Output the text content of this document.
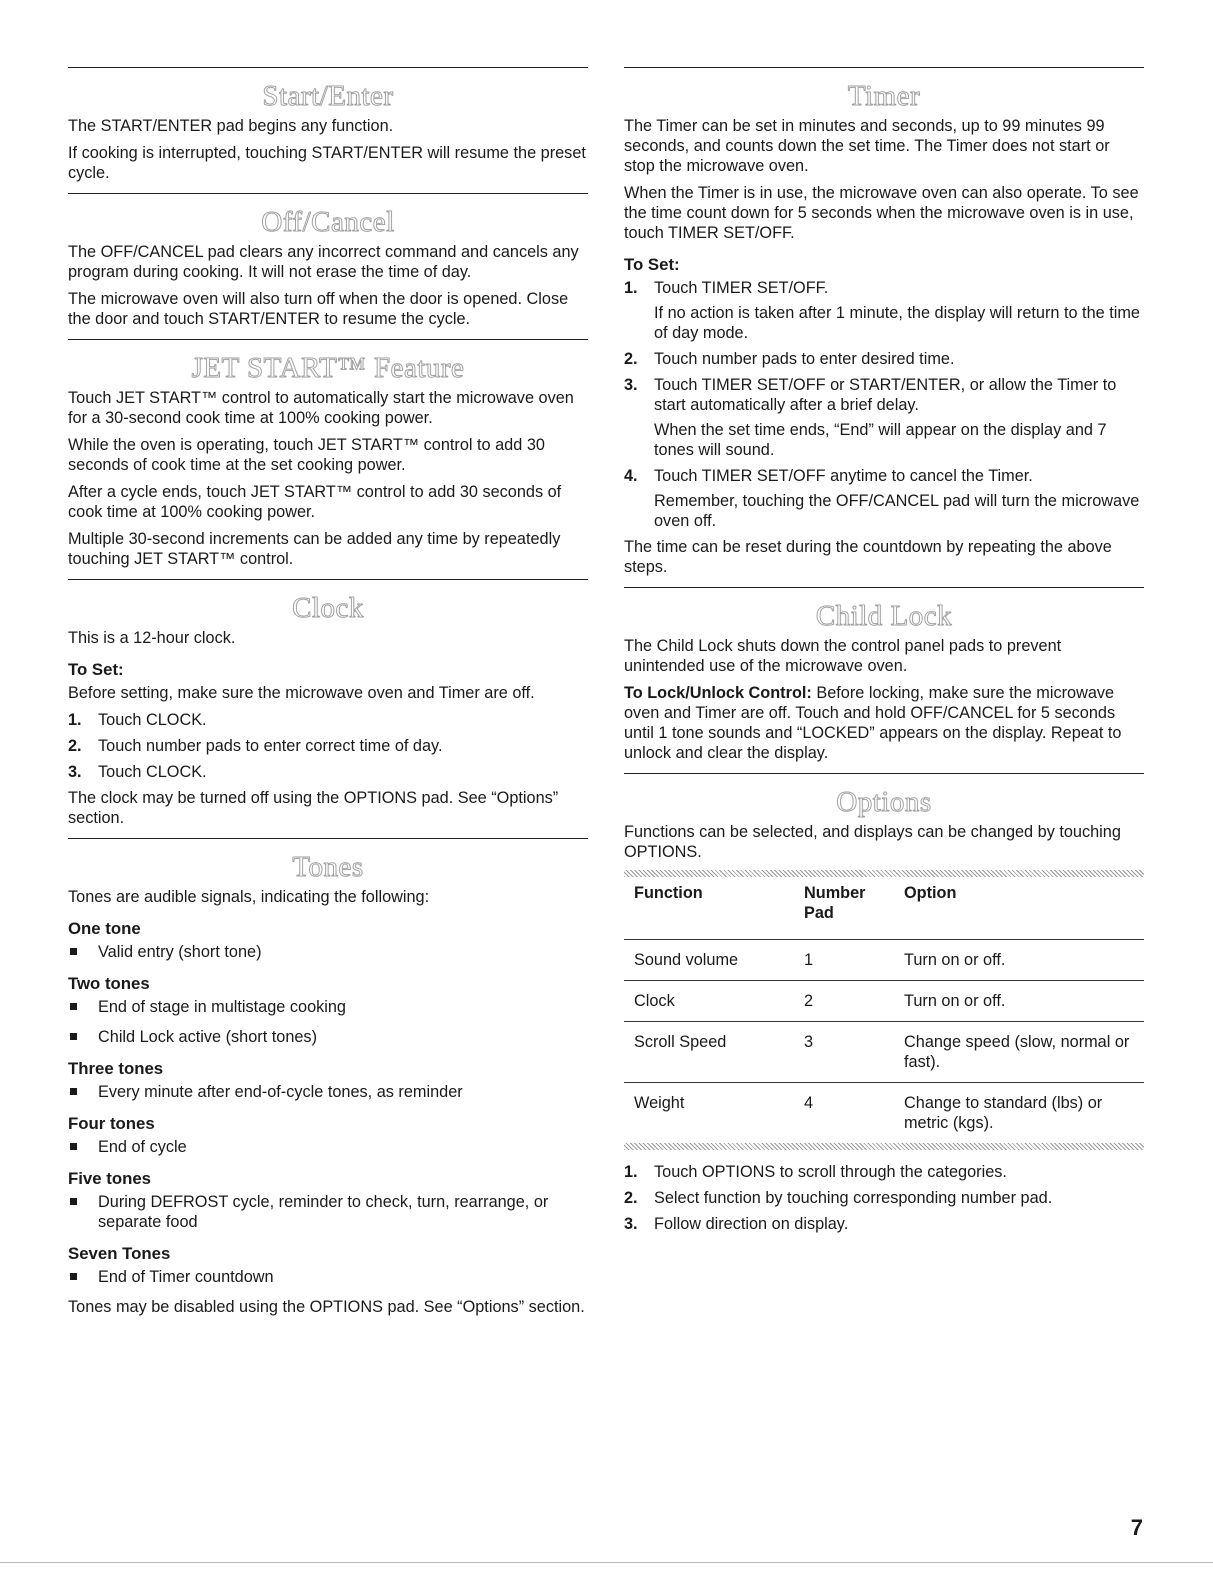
Start/Enter

The START/ENTER pad begins any function.

If cooking is interrupted, touching START/ENTER will resume the preset cycle.

Off/Cancel

The OFF/CANCEL pad clears any incorrect command and cancels any program during cooking. It will not erase the time of day.

The microwave oven will also turn off when the door is opened. Close the door and touch START/ENTER to resume the cycle.

JET START™ Feature

Touch JET START™ control to automatically start the microwave oven for a 30-second cook time at 100% cooking power.

While the oven is operating, touch JET START™ control to add 30 seconds of cook time at the set cooking power.

After a cycle ends, touch JET START™ control to add 30 seconds of cook time at 100% cooking power.

Multiple 30-second increments can be added any time by repeatedly touching JET START™ control.

Clock

This is a 12-hour clock.

To Set:

Before setting, make sure the microwave oven and Timer are off.

1. Touch CLOCK.
2. Touch number pads to enter correct time of day.
3. Touch CLOCK.

The clock may be turned off using the OPTIONS pad. See “Options” section.

Tones

Tones are audible signals, indicating the following:

One tone
Valid entry (short tone)
Two tones
End of stage in multistage cooking
Child Lock active (short tones)
Three tones
Every minute after end-of-cycle tones, as reminder
Four tones
End of cycle
Five tones
During DEFROST cycle, reminder to check, turn, rearrange, or separate food
Seven Tones
End of Timer countdown

Tones may be disabled using the OPTIONS pad. See “Options” section.

Timer

The Timer can be set in minutes and seconds, up to 99 minutes 99 seconds, and counts down the set time. The Timer does not start or stop the microwave oven.

When the Timer is in use, the microwave oven can also operate. To see the time count down for 5 seconds when the microwave oven is in use, touch TIMER SET/OFF.

To Set:
1. Touch TIMER SET/OFF.
If no action is taken after 1 minute, the display will return to the time of day mode.
2. Touch number pads to enter desired time.
3. Touch TIMER SET/OFF or START/ENTER, or allow the Timer to start automatically after a brief delay.
When the set time ends, “End” will appear on the display and 7 tones will sound.
4. Touch TIMER SET/OFF anytime to cancel the Timer.
Remember, touching the OFF/CANCEL pad will turn the microwave oven off.

The time can be reset during the countdown by repeating the above steps.

Child Lock

The Child Lock shuts down the control panel pads to prevent unintended use of the microwave oven.

To Lock/Unlock Control: Before locking, make sure the microwave oven and Timer are off. Touch and hold OFF/CANCEL for 5 seconds until 1 tone sounds and “LOCKED” appears on the display. Repeat to unlock and clear the display.

Options

Functions can be selected, and displays can be changed by touching OPTIONS.

Function	Number Pad	Option
Sound volume	1	Turn on or off.
Clock	2	Turn on or off.
Scroll Speed	3	Change speed (slow, normal or fast).
Weight	4	Change to standard (lbs) or metric (kgs).
1. Touch OPTIONS to scroll through the categories.
2. Select function by touching corresponding number pad.
3. Follow direction on display.
7
